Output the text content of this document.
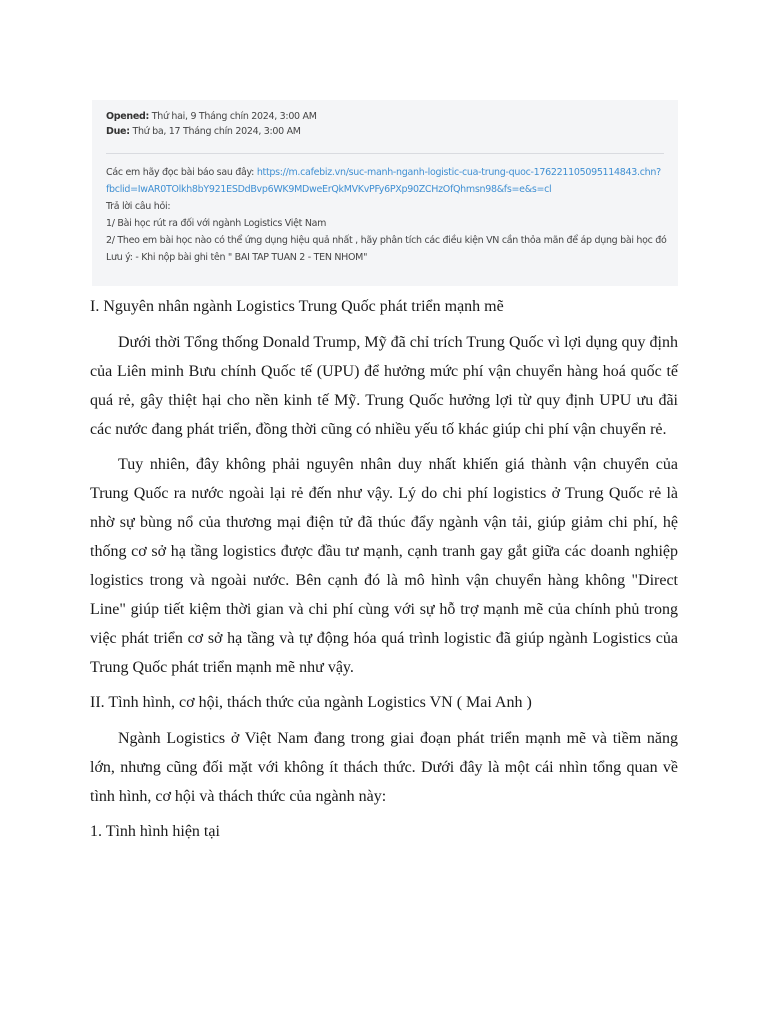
Opened: Thứ hai, 9 Tháng chín 2024, 3:00 AM
Due: Thứ ba, 17 Tháng chín 2024, 3:00 AM
Các em hãy đọc bài báo sau đây: https://m.cafebiz.vn/suc-manh-nganh-logistic-cua-trung-quoc-176221105095114843.chn?
fbclid=IwAR0TOlkh8bY921ESDdBvp6WK9MDweErQkMVKvPFy6PXp90ZCHzOfQhmsn98&fs=e&s=cl
Trả lời câu hỏi:
1/ Bài học rút ra đối với ngành Logistics Việt Nam
2/ Theo em bài học nào có thể ứng dụng hiệu quả nhất , hãy phân tích các điều kiện VN cần thỏa mãn để áp dụng bài học đó
Lưu ý: - Khi nộp bài ghi tên " BAI TAP TUAN 2 - TEN NHOM"

I. Nguyên nhân ngành Logistics Trung Quốc phát triển mạnh mẽ

Dưới thời Tổng thống Donald Trump, Mỹ đã chỉ trích Trung Quốc vì lợi dụng quy định của Liên minh Bưu chính Quốc tế (UPU) để hưởng mức phí vận chuyển hàng hoá quốc tế quá rẻ, gây thiệt hại cho nền kinh tế Mỹ. Trung Quốc hưởng lợi từ quy định UPU ưu đãi các nước đang phát triển, đồng thời cũng có nhiều yếu tố khác giúp chi phí vận chuyển rẻ.

Tuy nhiên, đây không phải nguyên nhân duy nhất khiến giá thành vận chuyển của Trung Quốc ra nước ngoài lại rẻ đến như vậy. Lý do chi phí logistics ở Trung Quốc rẻ là nhờ sự bùng nổ của thương mại điện tử đã thúc đẩy ngành vận tải, giúp giảm chi phí, hệ thống cơ sở hạ tầng logistics được đầu tư mạnh, cạnh tranh gay gắt giữa các doanh nghiệp logistics trong và ngoài nước. Bên cạnh đó là mô hình vận chuyển hàng không "Direct Line" giúp tiết kiệm thời gian và chi phí cùng với sự hỗ trợ mạnh mẽ của chính phủ trong việc phát triển cơ sở hạ tầng và tự động hóa quá trình logistic đã giúp ngành Logistics của Trung Quốc phát triển mạnh mẽ như vậy.

II. Tình hình, cơ hội, thách thức của ngành Logistics VN ( Mai Anh )

Ngành Logistics ở Việt Nam đang trong giai đoạn phát triển mạnh mẽ và tiềm năng lớn, nhưng cũng đối mặt với không ít thách thức. Dưới đây là một cái nhìn tổng quan về tình hình, cơ hội và thách thức của ngành này:

1. Tình hình hiện tại
